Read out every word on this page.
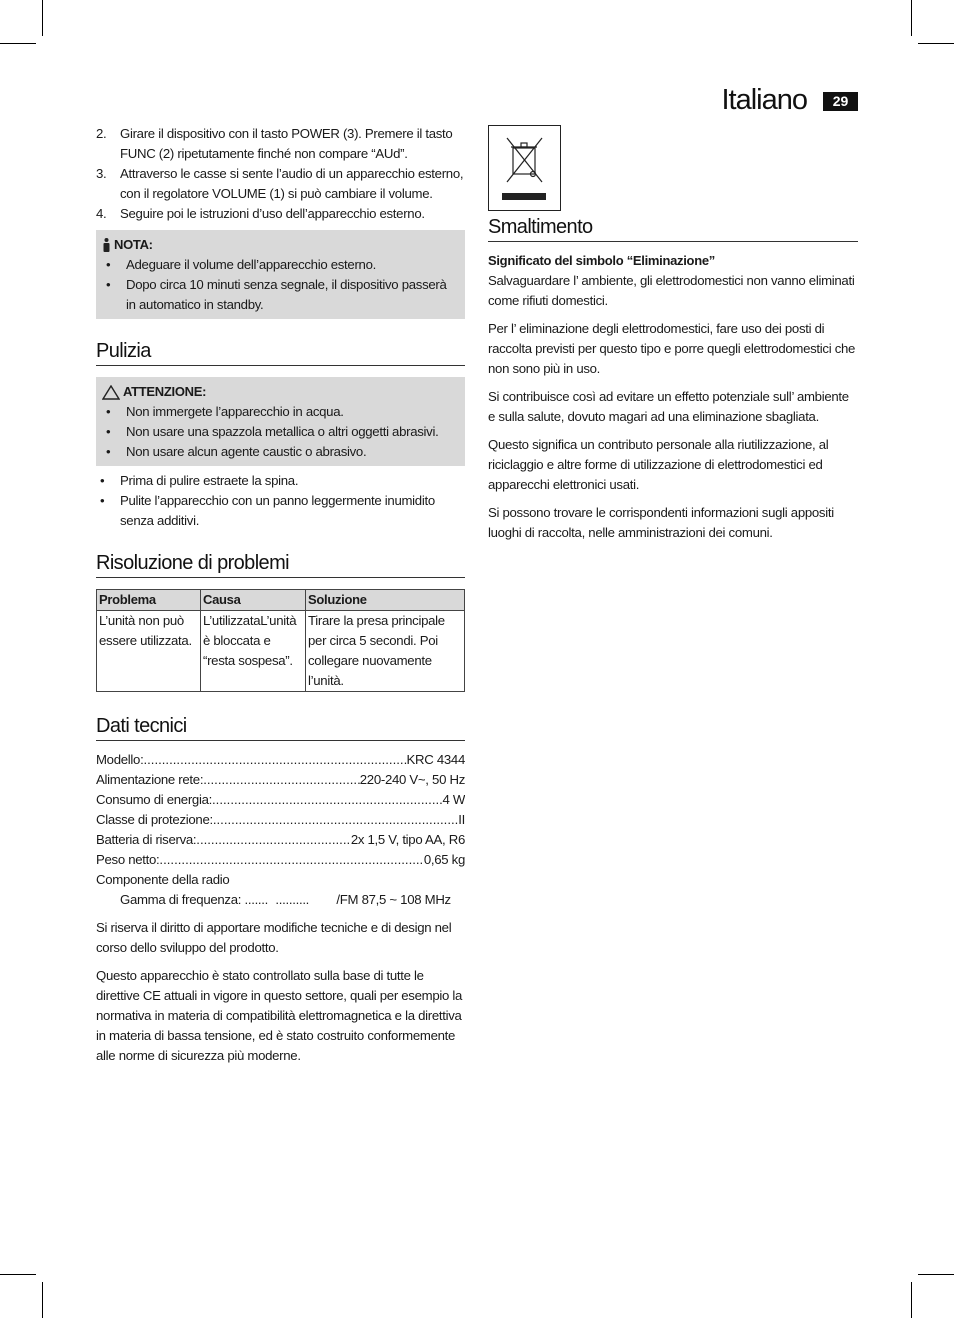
Italiano	29
2. Girare il dispositivo con il tasto POWER (3). Premere il tasto FUNC (2) ripetutamente finché non compare “AUd”.
3. Attraverso le casse si sente l’audio di un apparecchio esterno, con il regolatore VOLUME (1) si può cambiare il volume.
4. Seguire poi le istruzioni d’uso dell’apparecchio esterno.
NOTA:
• Adeguare il volume dell’apparecchio esterno.
• Dopo circa 10 minuti senza segnale, il dispositivo passerà in automatico in standby.
Pulizia
ATTENZIONE:
• Non immergete l’apparecchio in acqua.
• Non usare una spazzola metallica o altri oggetti abrasivi.
• Non usare alcun agente caustic o abrasivo.
• Prima di pulire estraete la spina.
• Pulite l’apparecchio con un panno leggermente inumidito senza additivi.
Risoluzione di problemi
Problema	Causa	Soluzione
L’unità non può essere utilizzata.	L’utilizzataL’unità è bloccata e “resta sospesa”.	Tirare la presa principale per circa 5 secondi. Poi collegare nuovamente l’unità.
Dati tecnici
Modello: .....	KRC 4344
Alimentazione rete: .....	220-240 V~, 50 Hz
Consumo di energia: .....	4 W
Classe di protezione: .....	II
Batteria di riserva: .....	2x 1,5 V, tipo AA, R6
Peso netto: .....	0,65 kg
Componente della radio
Gamma di frequenza: ....... .......... /FM 87,5 ~ 108 MHz

Si riserva il diritto di apportare modifiche tecniche e di design nel corso dello sviluppo del prodotto.

Questo apparecchio è stato controllato sulla base di tutte le direttive CE attuali in vigore in questo settore, quali per esempio la normativa in materia di compatibilità elettromagnetica e la direttiva in materia di bassa tensione, ed è stato costruito conformemente alle norme di sicurezza più moderne.

Smaltimento
Significato del simbolo “Eliminazione”
Salvaguardare l’ ambiente, gli elettrodomestici non vanno eliminati come rifiuti domestici.

Per l’ eliminazione degli elettrodomestici, fare uso dei posti di raccolta previsti per questo tipo e porre quegli elettrodomestici che non sono più in uso.

Si contribuisce così ad evitare un effetto potenziale sull’ ambiente e sulla salute, dovuto magari ad una eliminazione sbagliata.

Questo significa un contributo personale alla riutilizzazione, al riciclaggio e altre forme di utilizzazione di elettrodomestici ed apparecchi elettronici usati.

Si possono trovare le corrispondenti informazioni sugli appositi luoghi di raccolta, nelle amministrazioni dei comuni.
